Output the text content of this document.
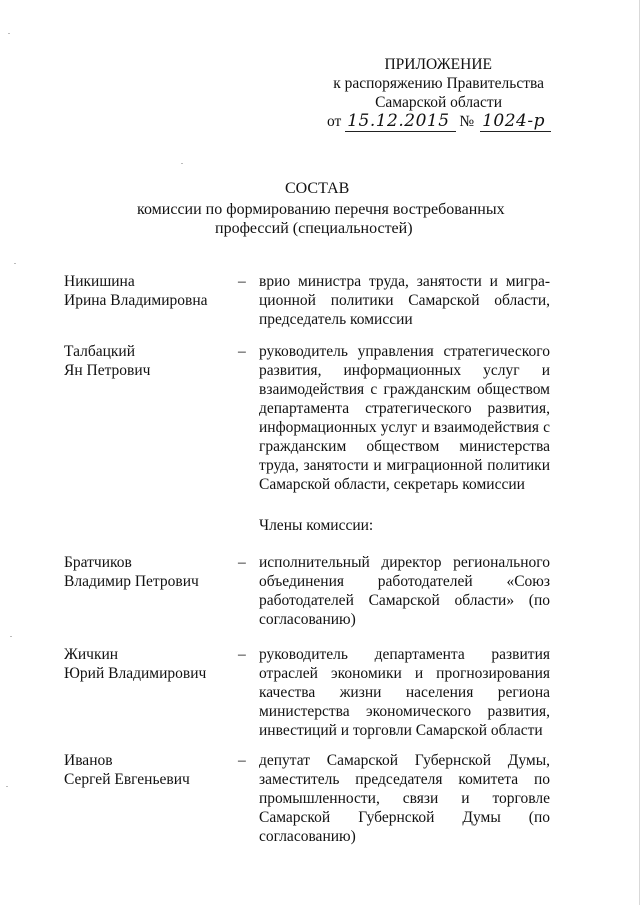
ПРИЛОЖЕНИЕ
к распоряжению Правительства
Самарской области
от 15.12.2015 № 1024-р
СОСТАВ
комиссии по формированию перечня востребованных
профессий (специальностей)
Никишина
Ирина Владимировна
– врио министра труда, занятости и мигра-ционной политики Самарской области, председатель комиссии
Талбацкий
Ян Петрович
– руководитель управления стратегического развития, информационных услуг и взаимодействия с гражданским обществом департамента стратегического развития, информационных услуг и взаимодействия с гражданским обществом министерства труда, занятости и миграционной политики Самарской области, секретарь комиссии
Члены комиссии:
Братчиков
Владимир Петрович
– исполнительный директор регионального объединения работодателей «Союз работодателей Самарской области» (по согласованию)
Жичкин
Юрий Владимирович
– руководитель департамента развития отраслей экономики и прогнозирования качества жизни населения региона министерства экономического развития, инвестиций и торговли Самарской области
Иванов
Сергей Евгеньевич
– депутат Самарской Губернской Думы, заместитель председателя комитета по промышленности, связи и торговле Самарской Губернской Думы (по согласованию)
